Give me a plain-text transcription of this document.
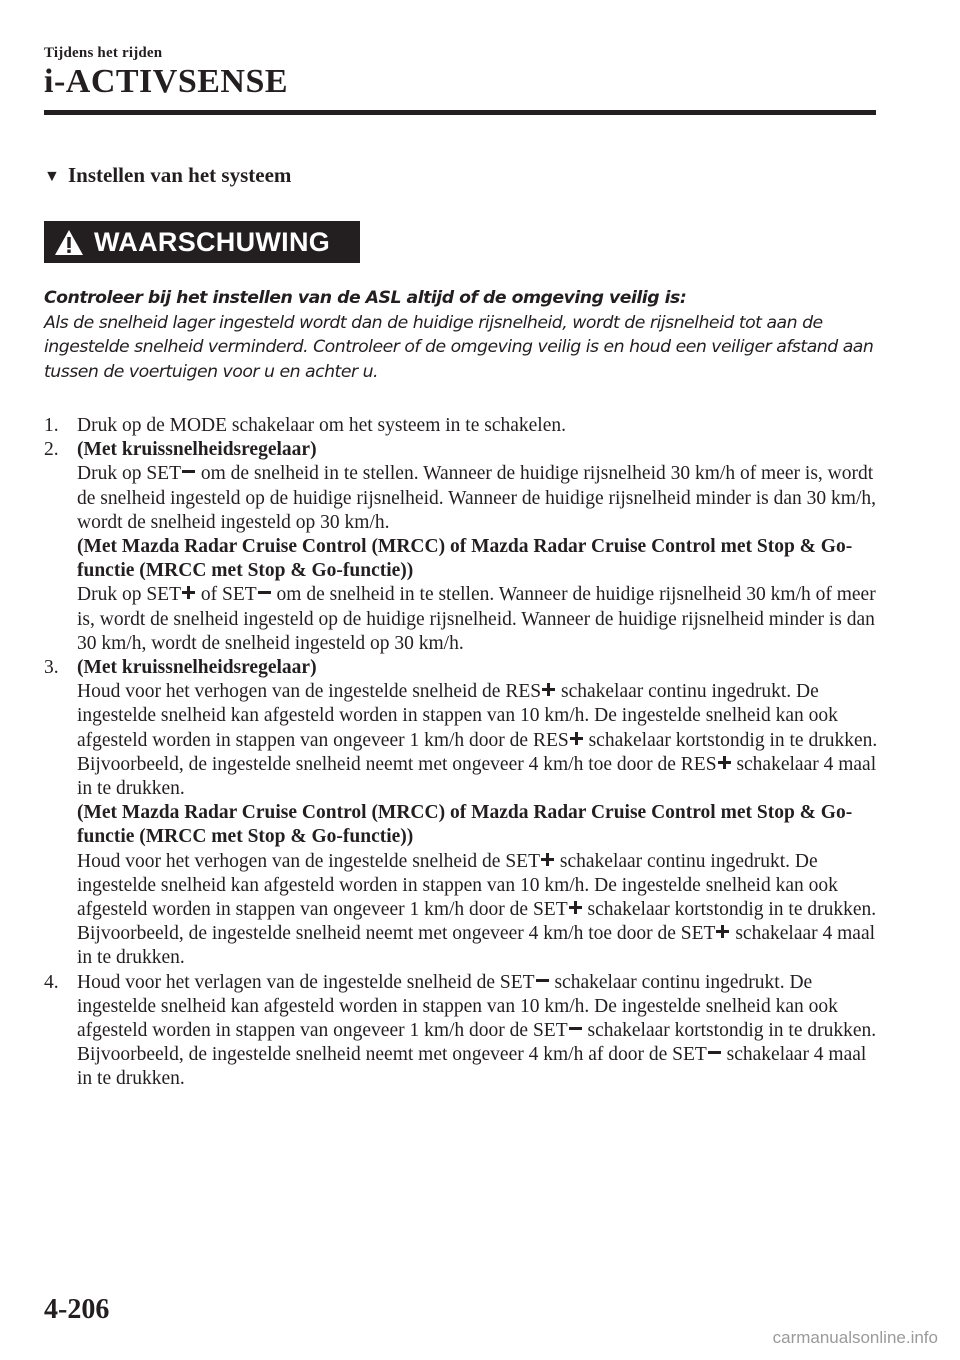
Tijdens het rijden
i-ACTIVSENSE
▼ Instellen van het systeem
WAARSCHUWING
Controleer bij het instellen van de ASL altijd of de omgeving veilig is:
Als de snelheid lager ingesteld wordt dan de huidige rijsnelheid, wordt de rijsnelheid tot aan de ingestelde snelheid verminderd. Controleer of de omgeving veilig is en houd een veiliger afstand aan tussen de voertuigen voor u en achter u.
1. Druk op de MODE schakelaar om het systeem in te schakelen.
2. (Met kruissnelheidsregelaar)
Druk op SET om de snelheid in te stellen. Wanneer de huidige rijsnelheid 30 km/h of meer is, wordt de snelheid ingesteld op de huidige rijsnelheid. Wanneer de huidige rijsnelheid minder is dan 30 km/h, wordt de snelheid ingesteld op 30 km/h.
(Met Mazda Radar Cruise Control (MRCC) of Mazda Radar Cruise Control met Stop & Go-functie (MRCC met Stop & Go-functie))
Druk op SET of SET om de snelheid in te stellen. Wanneer de huidige rijsnelheid 30 km/h of meer is, wordt de snelheid ingesteld op de huidige rijsnelheid. Wanneer de huidige rijsnelheid minder is dan 30 km/h, wordt de snelheid ingesteld op 30 km/h.
3. (Met kruissnelheidsregelaar)
Houd voor het verhogen van de ingestelde snelheid de RES schakelaar continu ingedrukt. De ingestelde snelheid kan afgesteld worden in stappen van 10 km/h. De ingestelde snelheid kan ook afgesteld worden in stappen van ongeveer 1 km/h door de RES schakelaar kortstondig in te drukken. Bijvoorbeeld, de ingestelde snelheid neemt met ongeveer 4 km/h toe door de RES schakelaar 4 maal in te drukken.
(Met Mazda Radar Cruise Control (MRCC) of Mazda Radar Cruise Control met Stop & Go-functie (MRCC met Stop & Go-functie))
Houd voor het verhogen van de ingestelde snelheid de SET schakelaar continu ingedrukt. De ingestelde snelheid kan afgesteld worden in stappen van 10 km/h. De ingestelde snelheid kan ook afgesteld worden in stappen van ongeveer 1 km/h door de SET schakelaar kortstondig in te drukken. Bijvoorbeeld, de ingestelde snelheid neemt met ongeveer 4 km/h toe door de SET schakelaar 4 maal in te drukken.
4. Houd voor het verlagen van de ingestelde snelheid de SET schakelaar continu ingedrukt. De ingestelde snelheid kan afgesteld worden in stappen van 10 km/h. De ingestelde snelheid kan ook afgesteld worden in stappen van ongeveer 1 km/h door de SET schakelaar kortstondig in te drukken. Bijvoorbeeld, de ingestelde snelheid neemt met ongeveer 4 km/h af door de SET schakelaar 4 maal in te drukken.
4-206
carmanualsonline.info
